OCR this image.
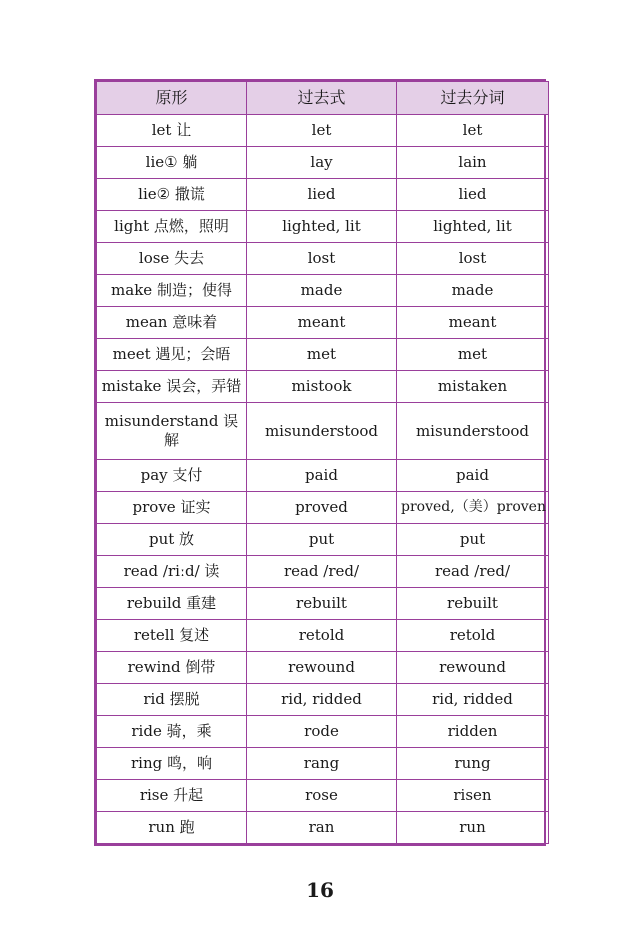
原形	过去式	过去分词
let 让	let	let
lie① 躺	lay	lain
lie② 撒谎	lied	lied
light 点燃，照明	lighted, lit	lighted, lit
lose 失去	lost	lost
make 制造；使得	made	made
mean 意味着	meant	meant
meet 遇见；会晤	met	met
mistake 误会，弄错	mistook	mistaken
misunderstand 误解	misunderstood	misunderstood
pay 支付	paid	paid
prove 证实	proved	proved,（美）proven
put 放	put	put
read /riːd/ 读	read /red/	read /red/
rebuild 重建	rebuilt	rebuilt
retell 复述	retold	retold
rewind 倒带	rewound	rewound
rid 摆脱	rid, ridded	rid, ridded
ride 骑，乘	rode	ridden
ring 鸣，响	rang	rung
rise 升起	rose	risen
run 跑	ran	run
16
